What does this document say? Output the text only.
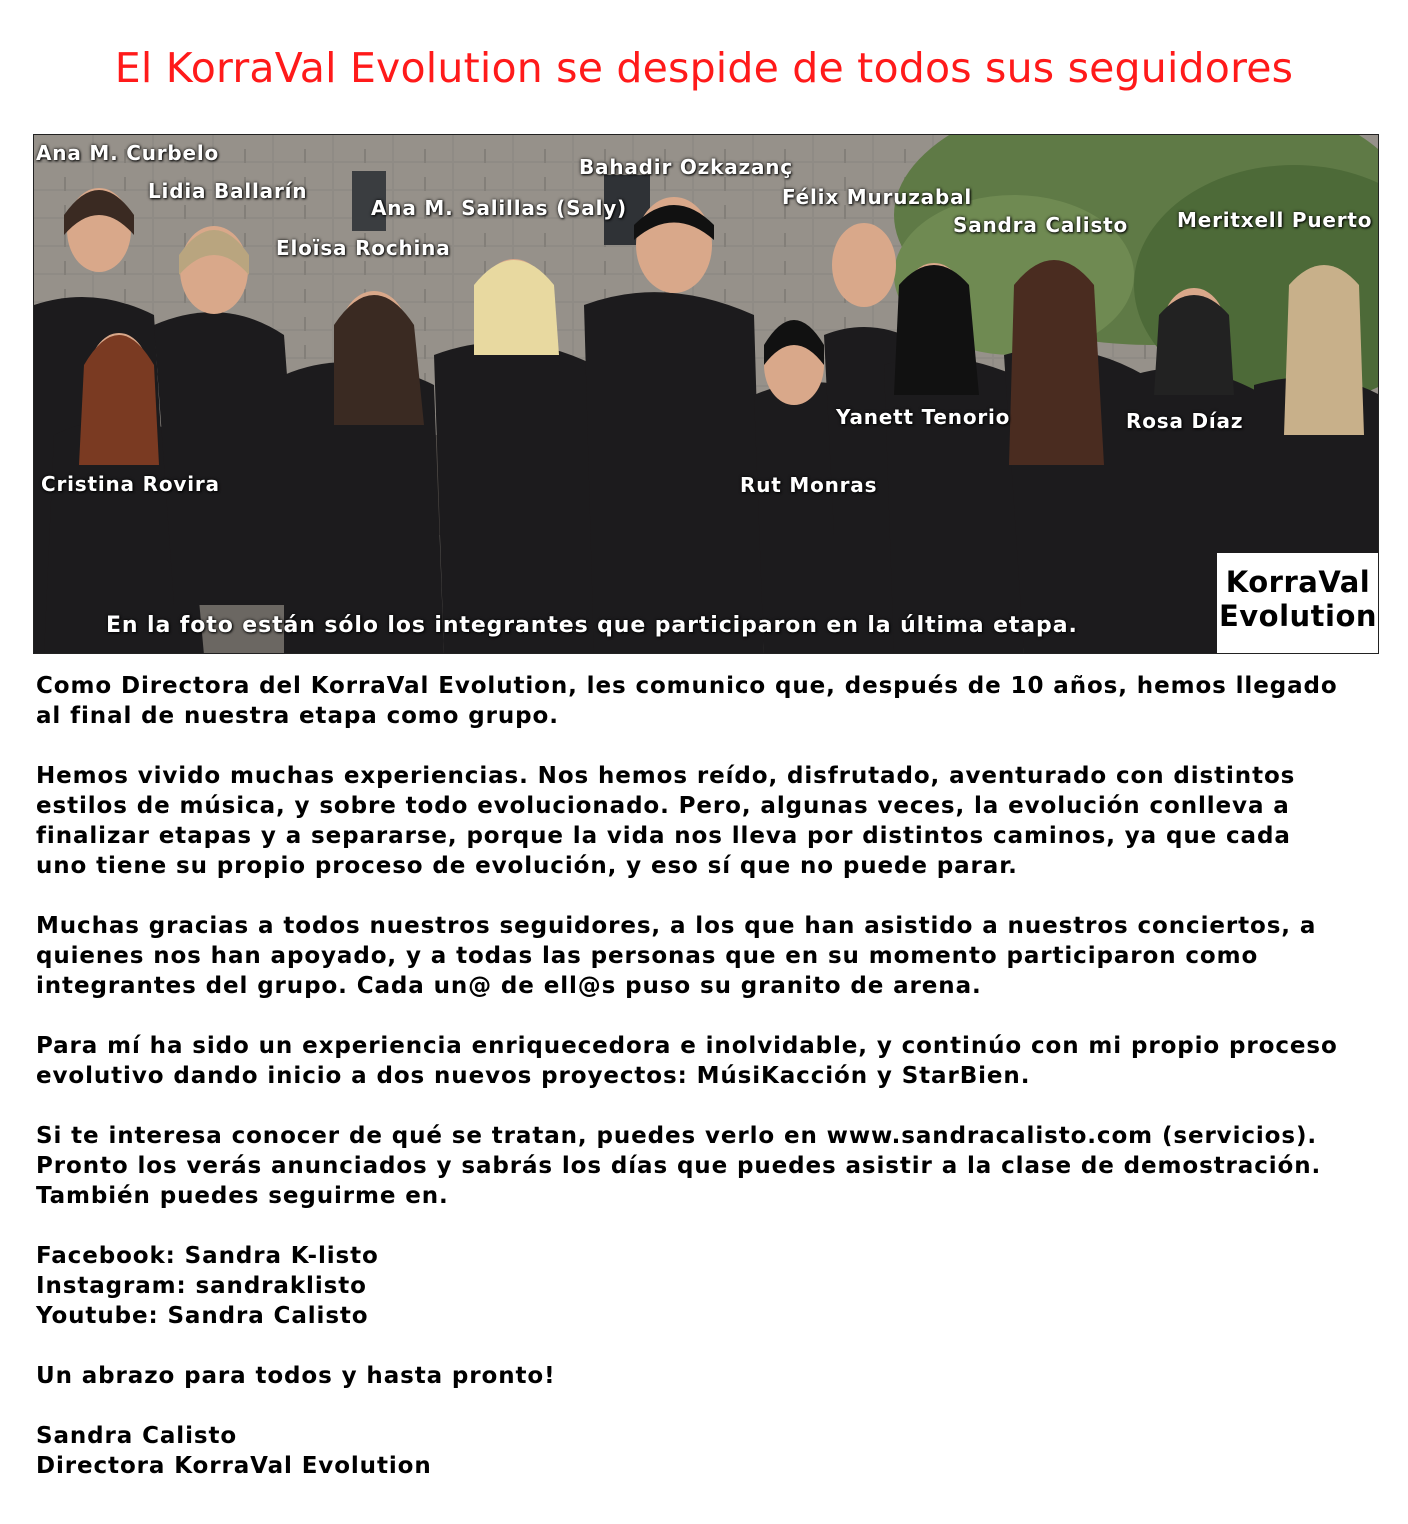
El KorraVal Evolution se despide de todos sus seguidores
Ana M. Curbelo
Lidia Ballarín
Ana M. Salillas (Saly)
Bahadir Ozkazanç
Félix Muruzabal
Sandra Calisto Meritxell Puerto
Eloïsa Rochina
Yanett Tenorio	Rosa Díaz
Cristina Rovira	Rut Monras
En la foto están sólo los integrantes que participaron en la última etapa.
KorraVal
Evolution
Como Directora del KorraVal Evolution, les comunico que, después de 10 años, hemos llegado
al final de nuestra etapa como grupo.
Hemos vivido muchas experiencias. Nos hemos reído, disfrutado, aventurado con distintos
estilos de música, y sobre todo evolucionado. Pero, algunas veces, la evolución conlleva a
finalizar etapas y a separarse, porque la vida nos lleva por distintos caminos, ya que cada
uno tiene su propio proceso de evolución, y eso sí que no puede parar.
Muchas gracias a todos nuestros seguidores, a los que han asistido a nuestros conciertos, a
quienes nos han apoyado, y a todas las personas que en su momento participaron como
integrantes del grupo. Cada un@ de ell@s puso su granito de arena.
Para mí ha sido un experiencia enriquecedora e inolvidable, y continúo con mi propio proceso
evolutivo dando inicio a dos nuevos proyectos: MúsiKacción y StarBien.
Si te interesa conocer de qué se tratan, puedes verlo en www.sandracalisto.com (servicios).
Pronto los verás anunciados y sabrás los días que puedes asistir a la clase de demostración.
También puedes seguirme en.
Facebook: Sandra K-listo
Instagram: sandraklisto
Youtube: Sandra Calisto
Un abrazo para todos y hasta pronto!
Sandra Calisto
Directora KorraVal Evolution
